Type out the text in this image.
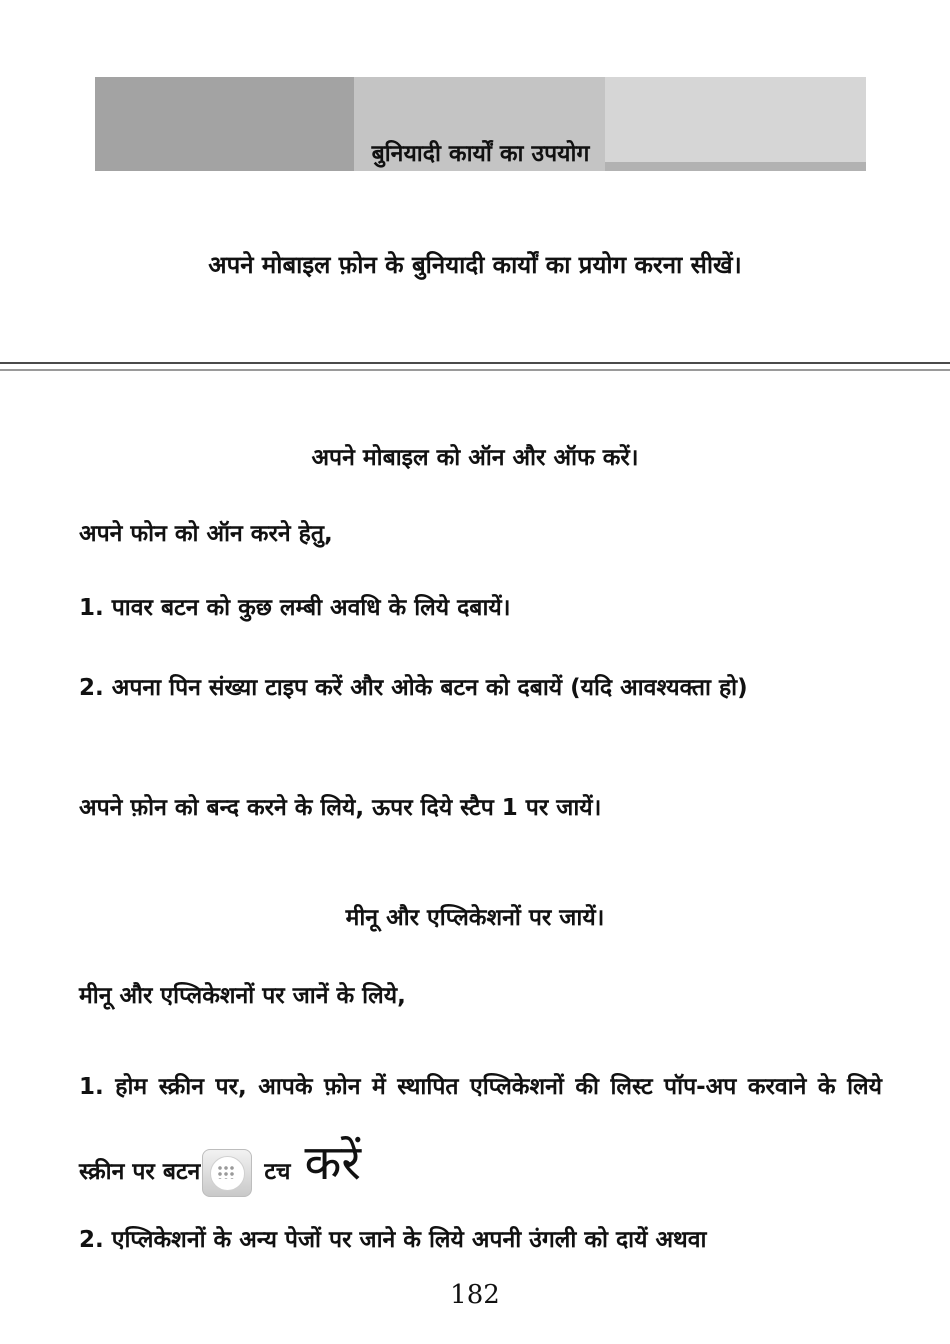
बुनियादी कार्यों का उपयोग

अपने मोबाइल फ़ोन के बुनियादी कार्यों का प्रयोग करना सीखें।

अपने मोबाइल को ऑन और ऑफ करें।

अपने फोन को ऑन करने हेतु,

1. पावर बटन को कुछ लम्बी अवधि के लिये दबायें।

2. अपना पिन संख्या टाइप करें और ओके बटन को दबायें (यदि आवश्यक्ता हो)

अपने फ़ोन को बन्द करने के लिये, ऊपर दिये स्टैप 1 पर जायें।

मीनू और एप्लिकेशनों पर जायें।

मीनू और एप्लिकेशनों पर जानें के लिये,

1. होम स्क्रीन पर, आपके फ़ोन में स्थापित एप्लिकेशनों की लिस्ट पॉप-अप करवाने के लिये स्क्रीन पर बटन	टच करें

2. एप्लिकेशनों के अन्य पेजों पर जाने के लिये अपनी उंगली को दायें अथवा

182
